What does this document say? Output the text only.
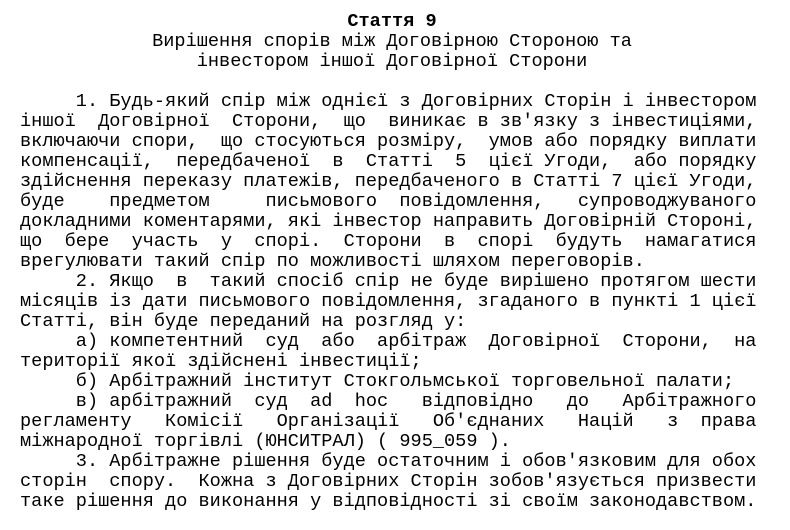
Стаття 9
Вирішення спорів між Договірною Стороною та
інвестором іншої Договірної Сторони
1. Будь-який спір між однієї з Договірних Сторін і інвестором
іншої  Договірної  Сторони,  що  виникає в зв'язку з інвестиціями,
включаючи спори,  що стосуються розміру,  умов або порядку виплати
компенсації,  передбаченої  в  Статті  5  цієї Угоди,  або порядку
здійснення переказу платежів, передбаченого в Статті 7 цієї Угоди,
буде    предметом     письмового  повідомлення,   супроводжуваного
докладними коментарями, які інвестор направить Договірній Стороні,
що  бере  участь  у  спорі.  Сторони  в  спорі  будуть  намагатися
врегулювати такий спір по можливості шляхом переговорів.
2. Якщо  в  такий спосіб спір не буде вирішено протягом шести
місяців із дати письмового повідомлення, згаданого в пункті 1 цієї
Статті, він буде переданий на розгляд у:
а) компетентний  суд  або  арбітраж  Договірної  Сторони,  на
території якої здійснені інвестиції;
б) Арбітражний інститут Стокгольмської торговельної палати;
в) арбітражний  суд  ad  hoc   відповідно   до   Арбітражного
регламенту   Комісії   Організації   Об'єднаних   Націй   з  права
міжнародної торгівлі (ЮНСИТРАЛ) ( 995_059 ).
3. Арбітражне рішення буде остаточним і обов'язковим для обох
сторін  спору.  Кожна з Договірних Сторін зобов'язується призвести
таке рішення до виконання у відповідності зі своїм законодавством.
